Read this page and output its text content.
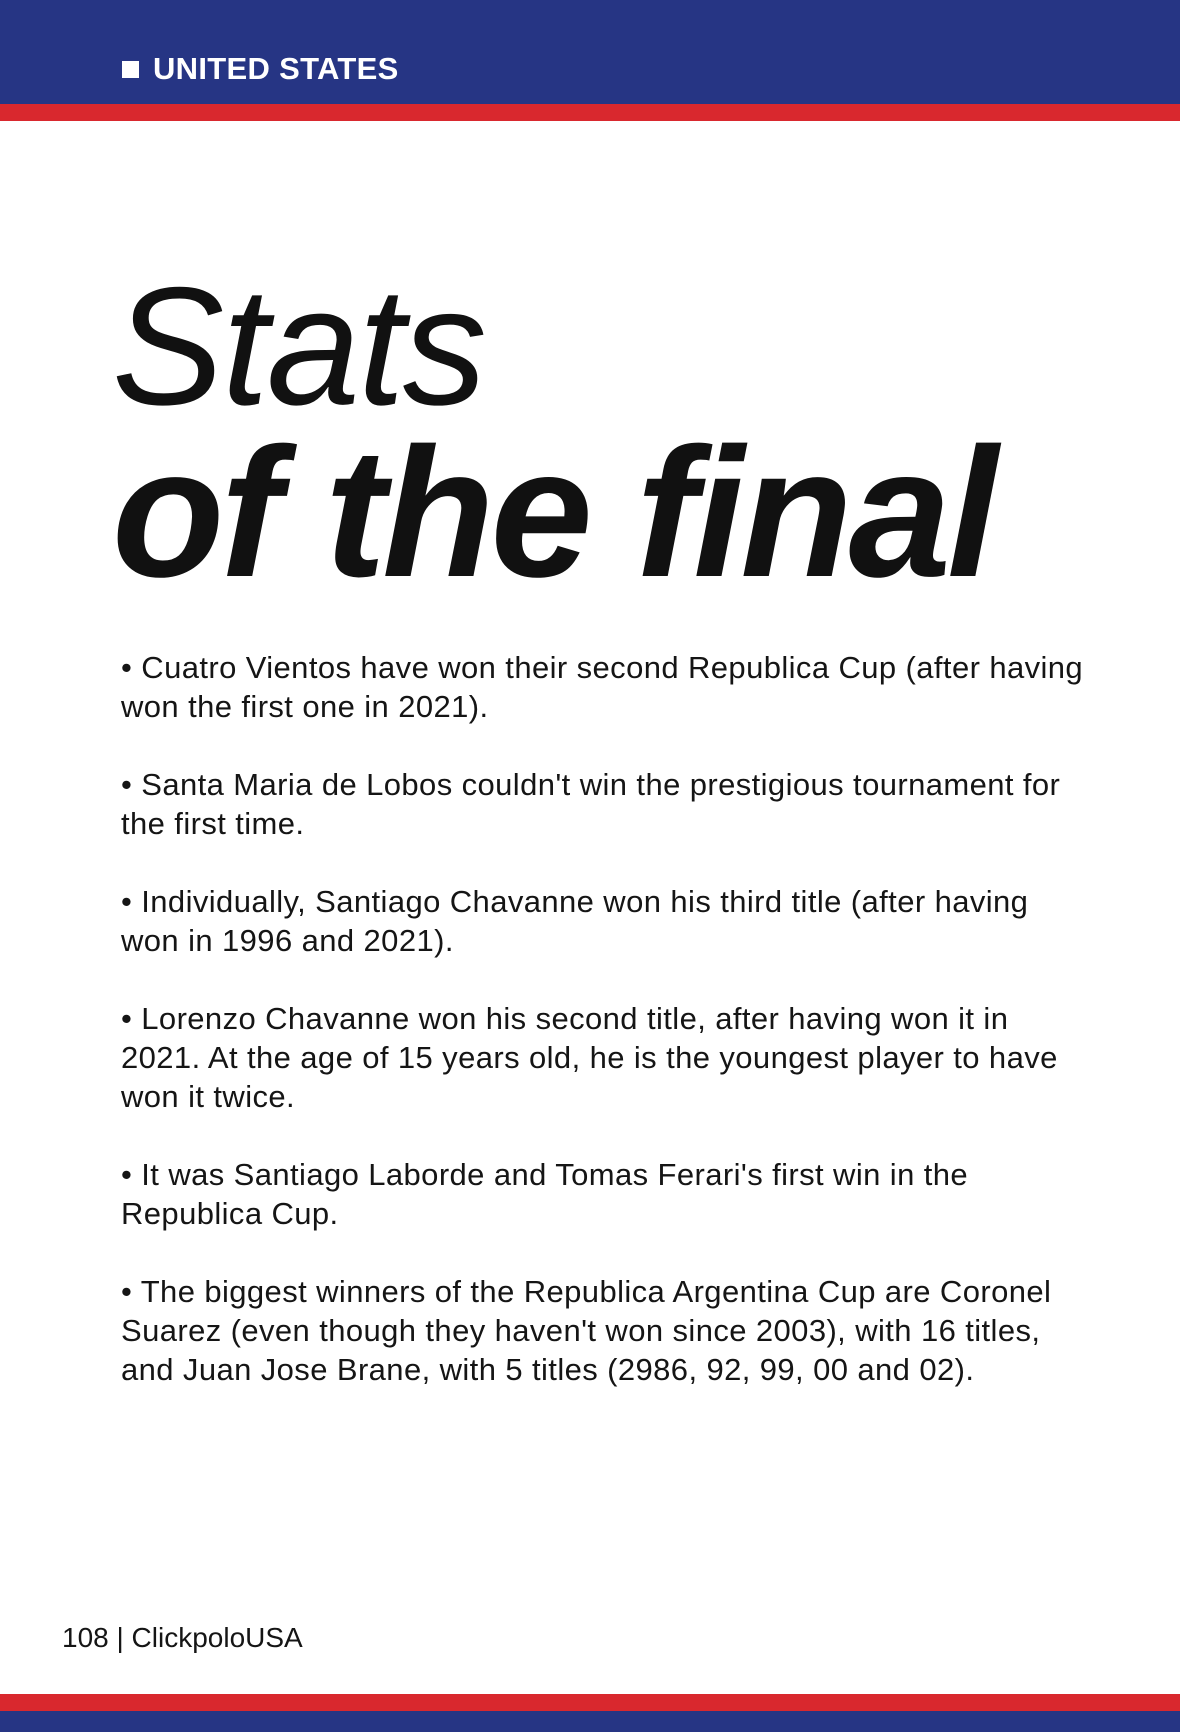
UNITED STATES
Stats
of the final
• Cuatro Vientos have won their second Republica Cup (after having won the first one in 2021).
• Santa Maria de Lobos couldn't win the prestigious tournament for the first time.
• Individually, Santiago Chavanne won his third title (after having won in 1996 and 2021).
• Lorenzo Chavanne won his second title, after having won it in 2021. At the age of 15 years old, he is the youngest player to have won it twice.
• It was Santiago Laborde and Tomas Ferari's first win in the Republica Cup.
• The biggest winners of the Republica Argentina Cup are Coronel Suarez (even though they haven't won since 2003), with 16 titles, and Juan Jose Brane, with 5 titles (2986, 92, 99, 00 and 02).
108 | ClickpoloUSA
